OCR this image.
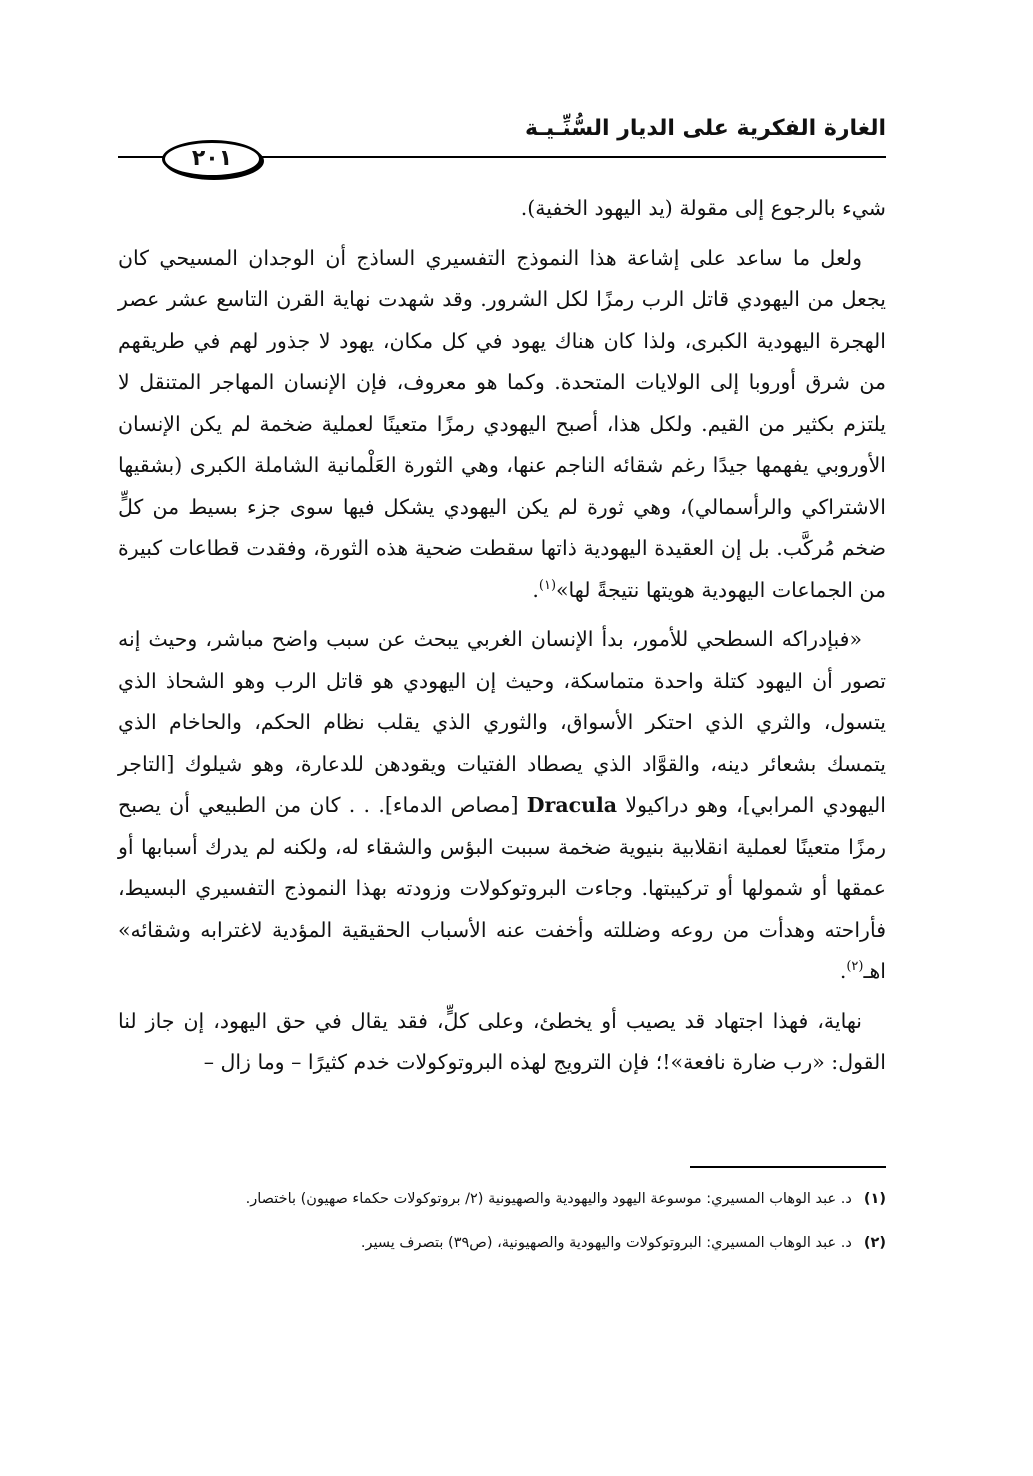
الغارة الفكرية على الديار السُّنِّـيـة
٢٠١

شيء بالرجوع إلى مقولة (يد اليهود الخفية).

ولعل ما ساعد على إشاعة هذا النموذج التفسيري الساذج أن الوجدان المسيحي كان يجعل من اليهودي قاتل الرب رمزًا لكل الشرور. وقد شهدت نهاية القرن التاسع عشر عصر الهجرة اليهودية الكبرى، ولذا كان هناك يهود في كل مكان، يهود لا جذور لهم في طريقهم من شرق أوروبا إلى الولايات المتحدة. وكما هو معروف، فإن الإنسان المهاجر المتنقل لا يلتزم بكثير من القيم. ولكل هذا، أصبح اليهودي رمزًا متعينًا لعملية ضخمة لم يكن الإنسان الأوروبي يفهمها جيدًا رغم شقائه الناجم عنها، وهي الثورة العَلْمانية الشاملة الكبرى (بشقيها الاشتراكي والرأسمالي)، وهي ثورة لم يكن اليهودي يشكل فيها سوى جزء بسيط من كلٍّ ضخم مُركَّب. بل إن العقيدة اليهودية ذاتها سقطت ضحية هذه الثورة، وفقدت قطاعات كبيرة من الجماعات اليهودية هويتها نتيجةً لها»$^{(١)}$.

«فبإدراكه السطحي للأمور، بدأ الإنسان الغربي يبحث عن سبب واضح مباشر، وحيث إنه تصور أن اليهود كتلة واحدة متماسكة، وحيث إن اليهودي هو قاتل الرب وهو الشحاذ الذي يتسول، والثري الذي احتكر الأسواق، والثوري الذي يقلب نظام الحكم، والحاخام الذي يتمسك بشعائر دينه، والقوَّاد الذي يصطاد الفتيات ويقودهن للدعارة، وهو شيلوك [التاجر اليهودي المرابي]، وهو دراكيولا Dracula [مصاص الدماء]. . . كان من الطبيعي أن يصبح رمزًا متعينًا لعملية انقلابية بنيوية ضخمة سببت البؤس والشقاء له، ولكنه لم يدرك أسبابها أو عمقها أو شمولها أو تركيبتها. وجاءت البروتوكولات وزودته بهذا النموذج التفسيري البسيط، فأراحته وهدأت من روعه وضللته وأخفت عنه الأسباب الحقيقية المؤدية لاغترابه وشقائه» اهـ$^{(٢)}$.

نهاية، فهذا اجتهاد قد يصيب أو يخطئ، وعلى كلٍّ، فقد يقال في حق اليهود، إن جاز لنا القول: «رب ضارة نافعة»!؛ فإن الترويج لهذه البروتوكولات خدم كثيرًا – وما زال –

(١)د. عبد الوهاب المسيري: موسوعة اليهود واليهودية والصهيونية (٢/ بروتوكولات حكماء صهيون) باختصار.
(٢)د. عبد الوهاب المسيري: البروتوكولات واليهودية والصهيونية، (ص٣٩) بتصرف يسير.
